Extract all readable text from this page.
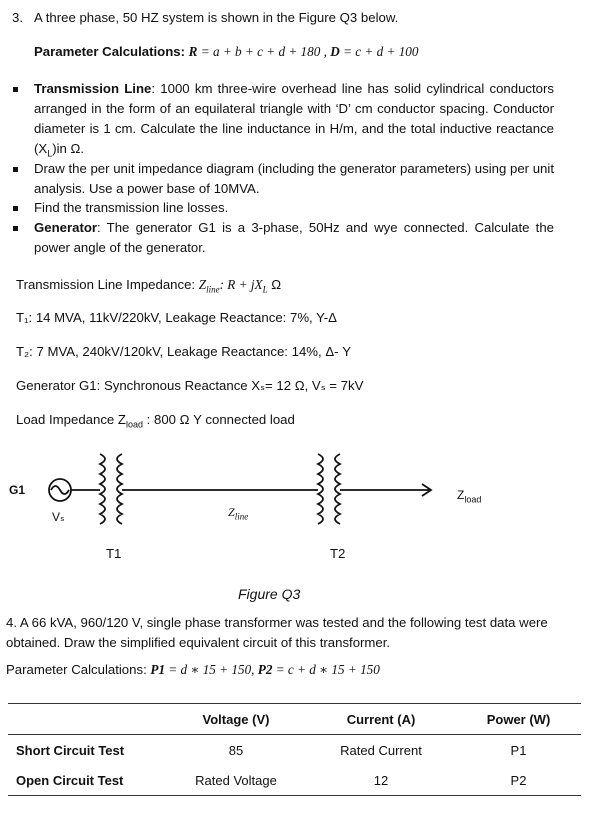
3. A three phase, 50 HZ system is shown in the Figure Q3 below.
Parameter Calculations: R = a + b + c + d + 180 , D = c + d + 100
Transmission Line: 1000 km three-wire overhead line has solid cylindrical conductors arranged in the form of an equilateral triangle with ‘D’ cm conductor spacing. Conductor diameter is 1 cm. Calculate the line inductance in H/m, and the total inductive reactance $(X_L)in$ Ω.
Draw the per unit impedance diagram (including the generator parameters) using per unit analysis. Use a power base of 10MVA.
Find the transmission line losses.
Generator: The generator G1 is a 3-phase, 50Hz and wye connected. Calculate the power angle of the generator.
Transmission Line Impedance: $Z_{line}$: $R + jX_L$ Ω
T₁: 14 MVA, 11kV/220kV, Leakage Reactance: 7%, Y-Δ
T₂: 7 MVA, 240kV/120kV, Leakage Reactance: 14%, Δ- Y
Generator G1: Synchronous Reactance Xₛ= 12 Ω, Vₛ = 7kV
Load Impedance $Z_{load}$ : 800 Ω Y connected load
G1
Vₛ
T1	T2
$Z_{line}$
$Z_{load}$
Figure Q3
4. A 66 kVA, 960/120 V, single phase transformer was tested and the following test data were obtained. Draw the simplified equivalent circuit of this transformer.
Parameter Calculations: P1 = d ∗ 15 + 150, P2 = c + d ∗ 15 + 150
	Voltage (V)	Current (A)	Power (W)
Short Circuit Test	85	Rated Current	P1
Open Circuit Test	Rated Voltage	12	P2
